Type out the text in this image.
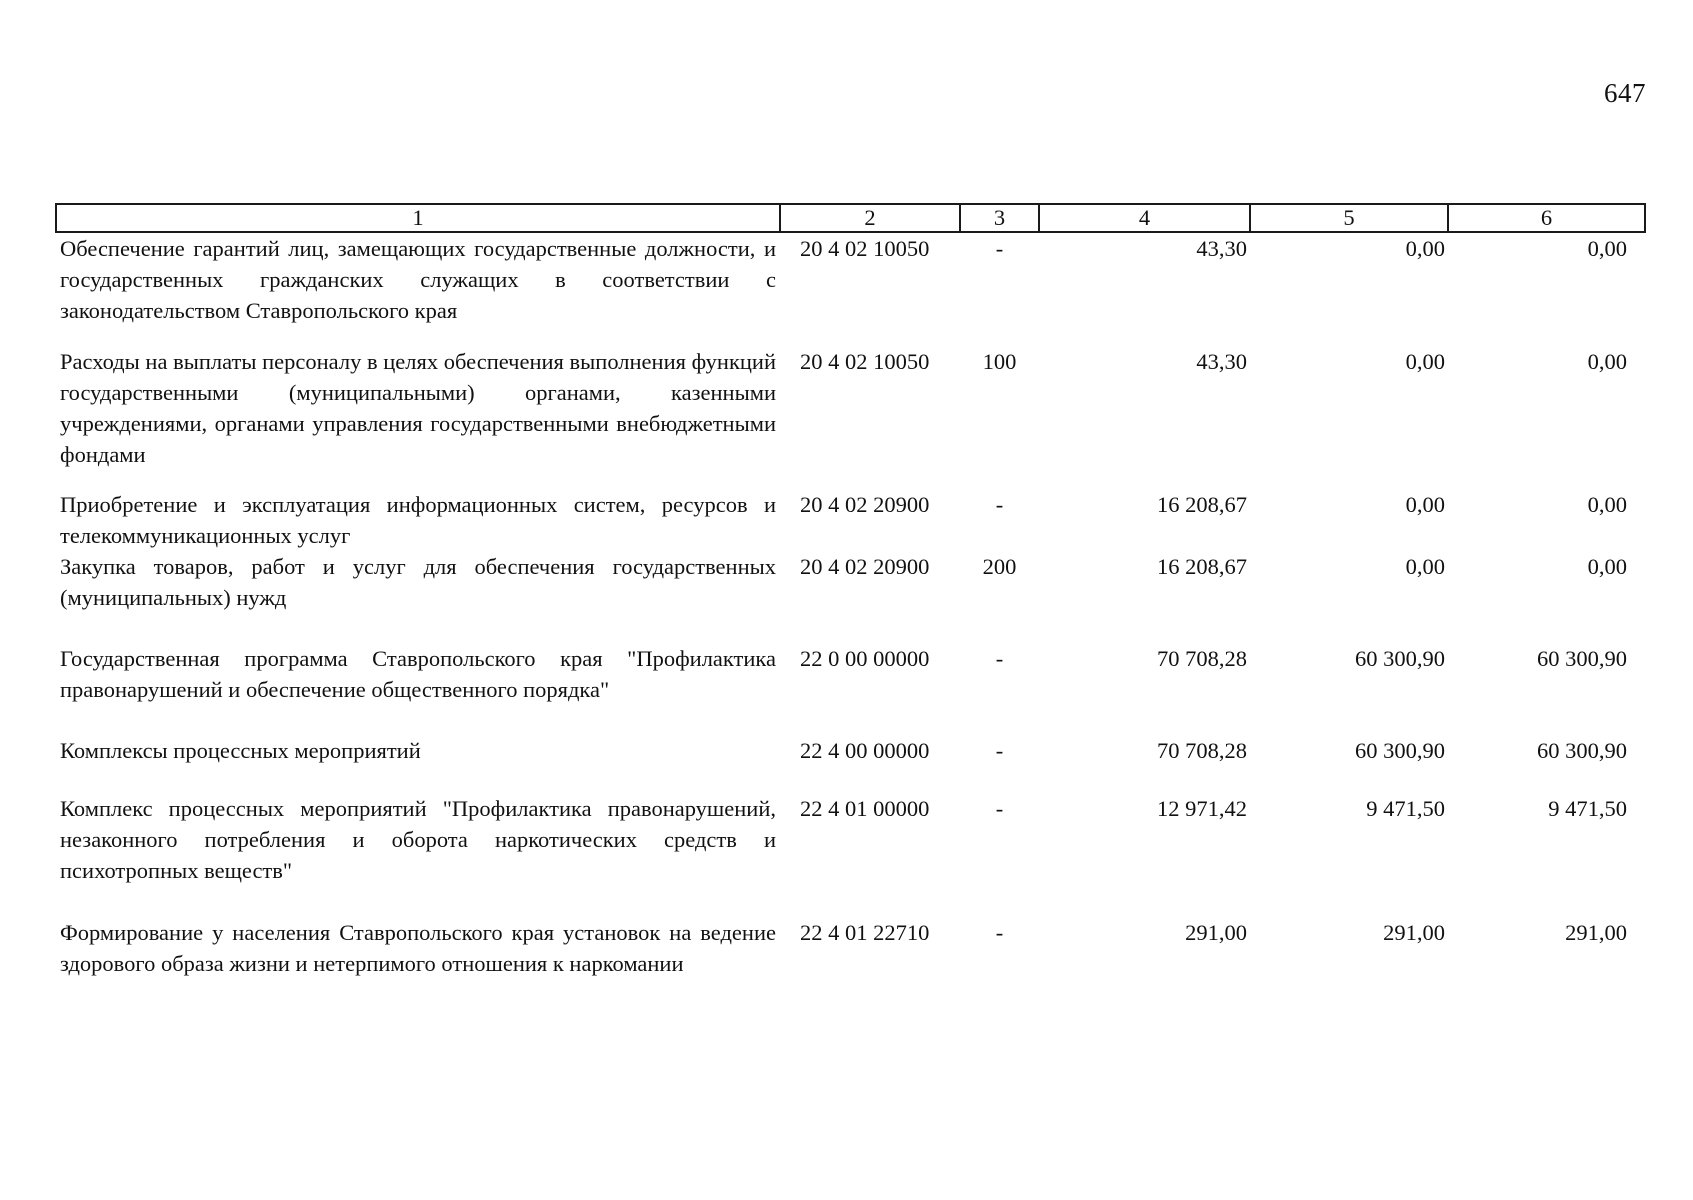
647
1	2	3	4	5	6
Обеспечение гарантий лиц, замещающих государственные должности, и государственных гражданских служащих в соответствии с законодательством Ставропольского края	20 4 02 10050	-	43,30	0,00	0,00
Расходы на выплаты персоналу в целях обеспечения выполнения функций государственными (муниципальными) органами, казенными учреждениями, органами управления государственными внебюджетными фондами	20 4 02 10050	100	43,30	0,00	0,00
Приобретение и эксплуатация информационных систем, ресурсов и телекоммуникационных услуг	20 4 02 20900	-	16 208,67	0,00	0,00
Закупка товаров, работ и услуг для обеспечения государственных (муниципальных) нужд	20 4 02 20900	200	16 208,67	0,00	0,00
Государственная программа Ставропольского края "Профилактика правонарушений и обеспечение общественного порядка"	22 0 00 00000	-	70 708,28	60 300,90	60 300,90
Комплексы процессных мероприятий	22 4 00 00000	-	70 708,28	60 300,90	60 300,90
Комплекс процессных мероприятий "Профилактика правонарушений, незаконного потребления и оборота наркотических средств и психотропных веществ"	22 4 01 00000	-	12 971,42	9 471,50	9 471,50
Формирование у населения Ставропольского края установок на ведение здорового образа жизни и нетерпимого отношения к наркомании	22 4 01 22710	-	291,00	291,00	291,00
